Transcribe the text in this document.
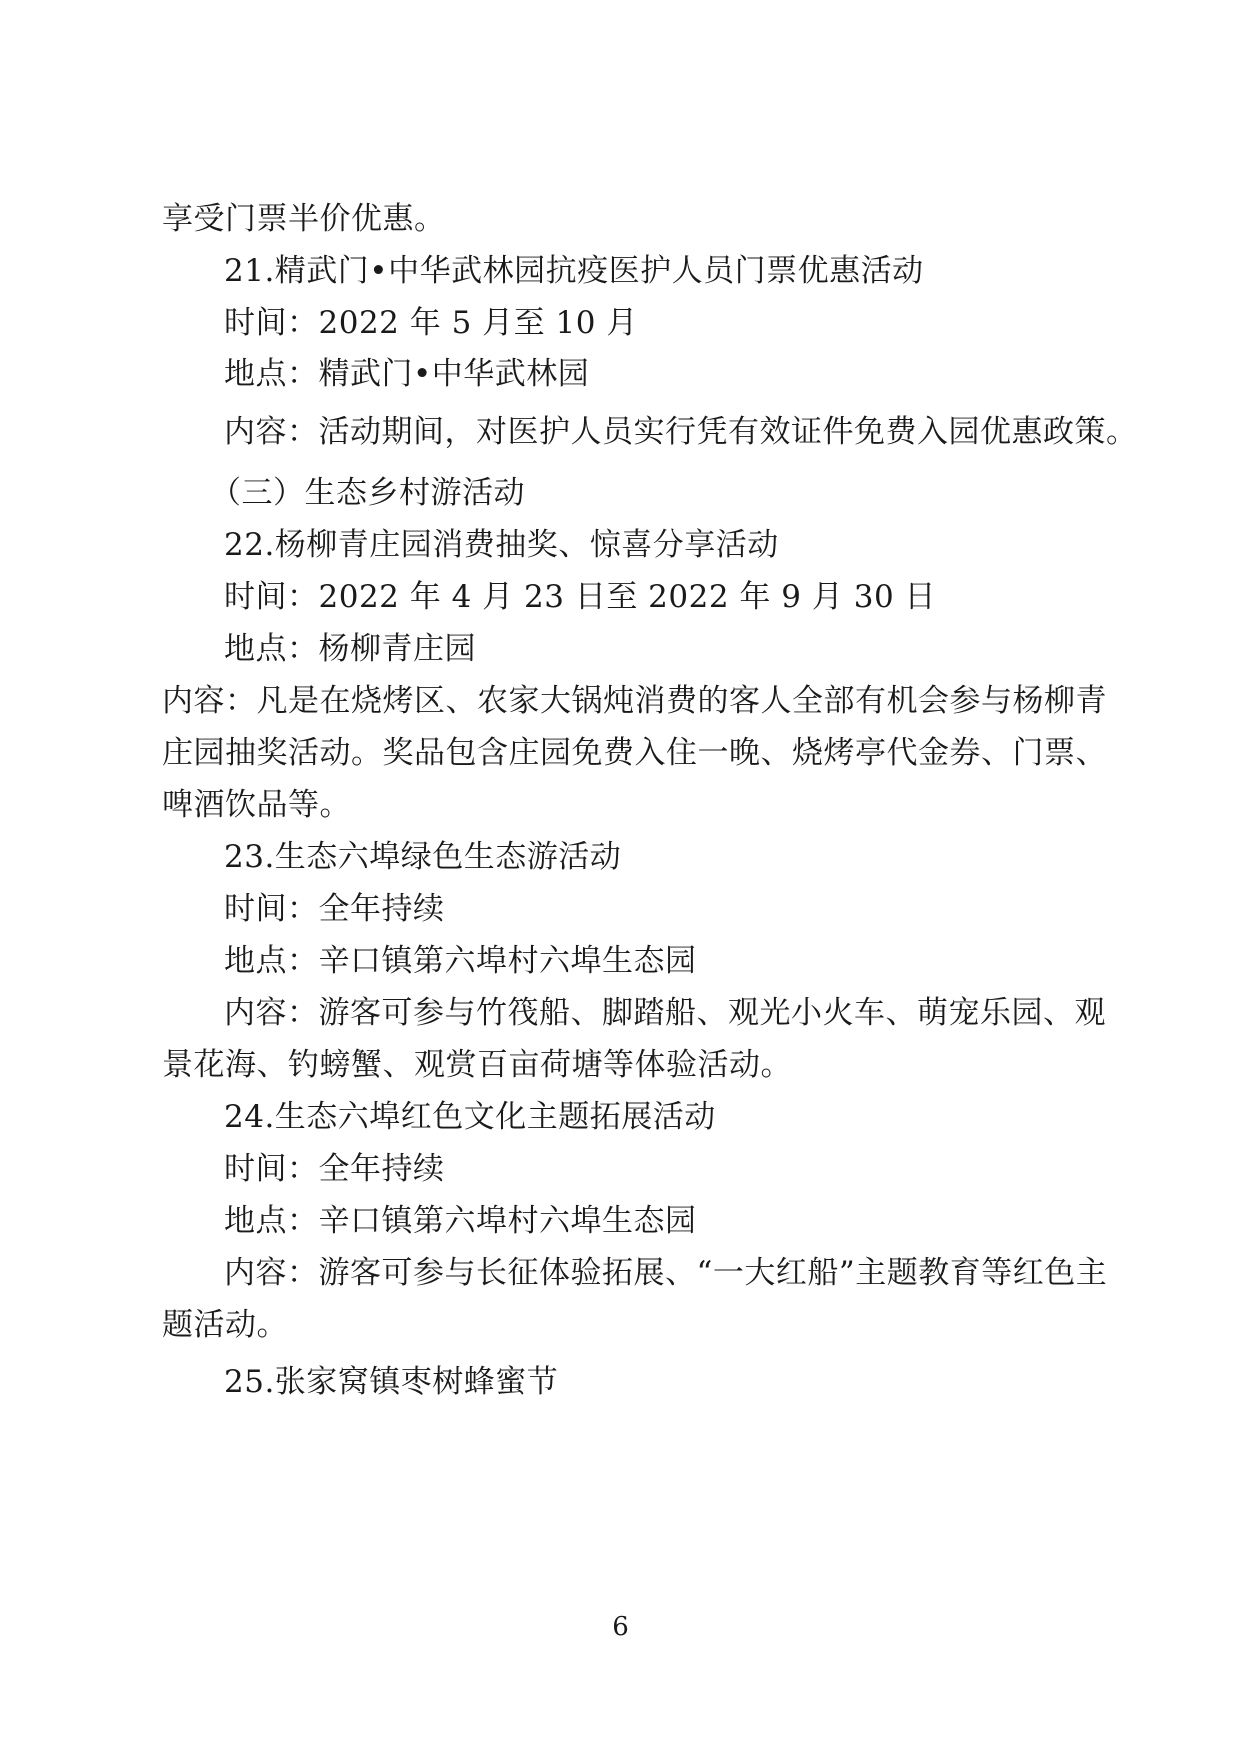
享受门票半价优惠。
21.精武门•中华武林园抗疫医护人员门票优惠活动
时间：2022 年 5 月至 10 月
地点：精武门•中华武林园
内容：活动期间，对医护人员实行凭有效证件免费入园优惠政策。
（三）生态乡村游活动
22.杨柳青庄园消费抽奖、惊喜分享活动
时间：2022 年 4 月 23 日至 2022 年 9 月 30 日
地点：杨柳青庄园
内容：凡是在烧烤区、农家大锅炖消费的客人全部有机会参与杨柳青
庄园抽奖活动。奖品包含庄园免费入住一晚、烧烤亭代金券、门票、
啤酒饮品等。
23.生态六埠绿色生态游活动
时间：全年持续
地点：辛口镇第六埠村六埠生态园
内容：游客可参与竹筏船、脚踏船、观光小火车、萌宠乐园、观
景花海、钓螃蟹、观赏百亩荷塘等体验活动。
24.生态六埠红色文化主题拓展活动
时间：全年持续
地点：辛口镇第六埠村六埠生态园
内容：游客可参与长征体验拓展、“一大红船”主题教育等红色主
题活动。
25.张家窝镇枣树蜂蜜节
6
